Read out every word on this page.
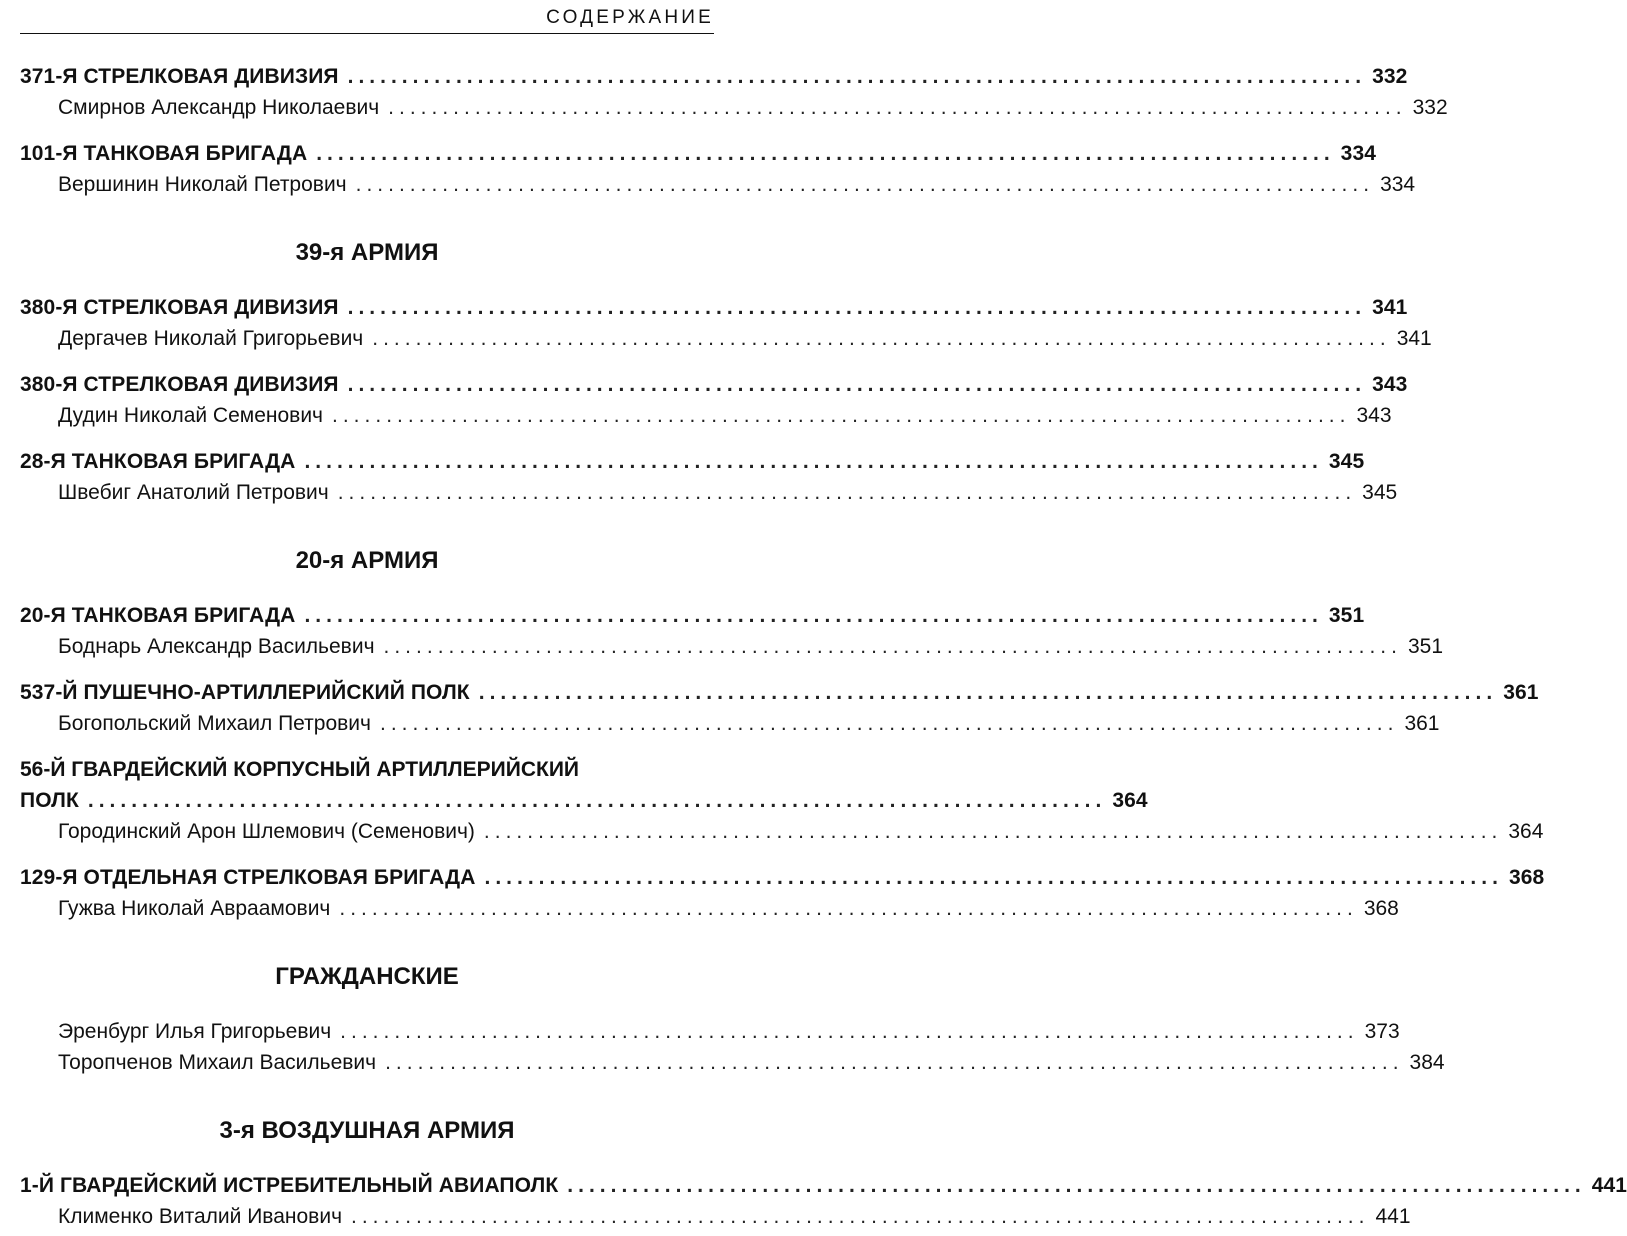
СОДЕРЖАНИЕ
371-Я СТРЕЛКОВАЯ ДИВИЗИЯ .............................................................................................. 332
Смирнов Александр Николаевич .............................................................................................. 332
101-Я ТАНКОВАЯ БРИГАДА .............................................................................................. 334
Вершинин Николай Петрович .............................................................................................. 334
39-я АРМИЯ
380-Я СТРЕЛКОВАЯ ДИВИЗИЯ .............................................................................................. 341
Дергачев Николай Григорьевич .............................................................................................. 341
380-Я СТРЕЛКОВАЯ ДИВИЗИЯ .............................................................................................. 343
Дудин Николай Семенович .............................................................................................. 343
28-Я ТАНКОВАЯ БРИГАДА .............................................................................................. 345
Швебиг Анатолий Петрович .............................................................................................. 345
20-я АРМИЯ
20-Я ТАНКОВАЯ БРИГАДА .............................................................................................. 351
Боднарь Александр Васильевич .............................................................................................. 351
537-Й ПУШЕЧНО-АРТИЛЛЕРИЙСКИЙ ПОЛК .............................................................................................. 361
Богопольский Михаил Петрович .............................................................................................. 361
56-Й ГВАРДЕЙСКИЙ КОРПУСНЫЙ АРТИЛЛЕРИЙСКИЙ
ПОЛК .............................................................................................. 364
Городинский Арон Шлемович (Семенович) .............................................................................................. 364
129-Я ОТДЕЛЬНАЯ СТРЕЛКОВАЯ БРИГАДА .............................................................................................. 368
Гужва Николай Авраамович .............................................................................................. 368
ГРАЖДАНСКИЕ
Эренбург Илья Григорьевич .............................................................................................. 373
Торопченов Михаил Васильевич .............................................................................................. 384
3-я ВОЗДУШНАЯ АРМИЯ
1-Й ГВАРДЕЙСКИЙ ИСТРЕБИТЕЛЬНЫЙ АВИАПОЛК .............................................................................................. 441
Клименко Виталий Иванович .............................................................................................. 441
